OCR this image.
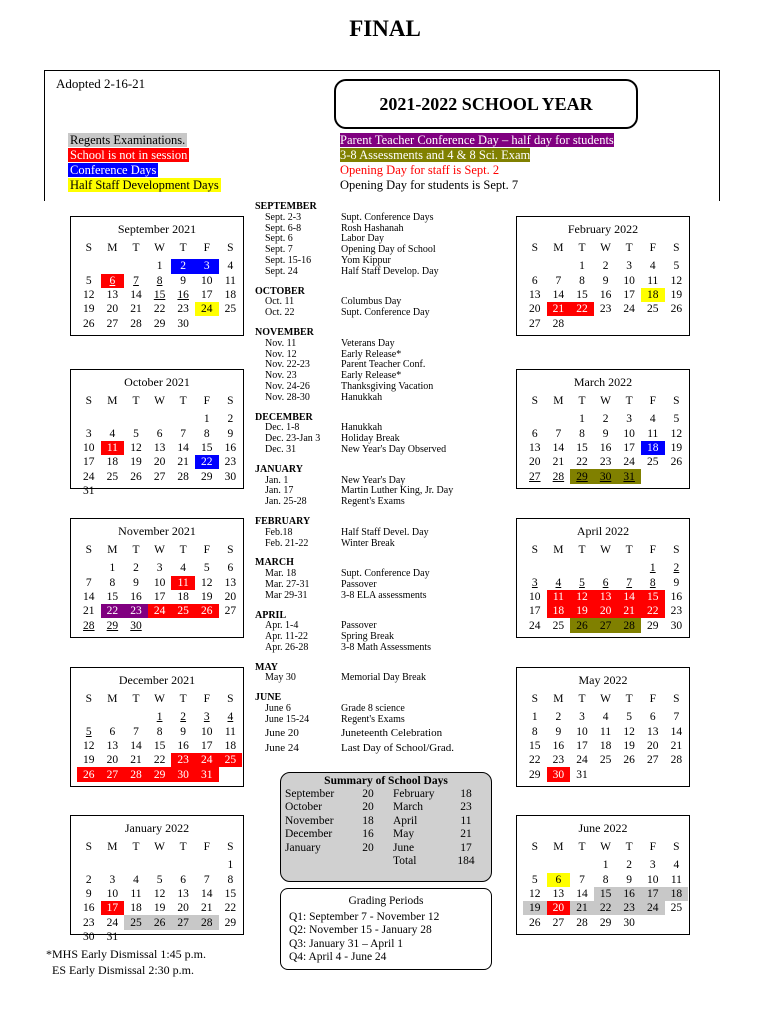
FINAL
Adopted 2-16-21
2021-2022 SCHOOL YEAR
Regents Examinations.
School is not in session
Conference Days
Half Staff Development Days
Parent Teacher Conference Day – half day for students
3-8 Assessments and 4 & 8 Sci. Exam
Opening Day for staff is Sept. 2
Opening Day for students is Sept. 7
September 2021
S	M	T	W	T	F	S
			1	2	3	4
5	6	7	8	9	10	11
12	13	14	15	16	17	18
19	20	21	22	23	24	25
26	27	28	29	30		
October 2021
S	M	T	W	T	F	S
					1	2
3	4	5	6	7	8	9
10	11	12	13	14	15	16
17	18	19	20	21	22	23
24	25	26	27	28	29	30
31						
November 2021
S	M	T	W	T	F	S
	1	2	3	4	5	6
7	8	9	10	11	12	13
14	15	16	17	18	19	20
21	22	23	24	25	26	27
28	29	30				
December 2021
S	M	T	W	T	F	S
			1	2	3	4
5	6	7	8	9	10	11
12	13	14	15	16	17	18
19	20	21	22	23	24	25
26	27	28	29	30	31	
January 2022
S	M	T	W	T	F	S
						1
2	3	4	5	6	7	8
9	10	11	12	13	14	15
16	17	18	19	20	21	22
23	24	25	26	27	28	29
30	31					
February 2022
S	M	T	W	T	F	S
		1	2	3	4	5
6	7	8	9	10	11	12
13	14	15	16	17	18	19
20	21	22	23	24	25	26
27	28					
March 2022
S	M	T	W	T	F	S
		1	2	3	4	5
6	7	8	9	10	11	12
13	14	15	16	17	18	19
20	21	22	23	24	25	26
27	28	29	30	31		
April 2022
S	M	T	W	T	F	S
					1	2
3	4	5	6	7	8	9
10	11	12	13	14	15	16
17	18	19	20	21	22	23
24	25	26	27	28	29	30
May 2022
S	M	T	W	T	F	S
1	2	3	4	5	6	7
8	9	10	11	12	13	14
15	16	17	18	19	20	21
22	23	24	25	26	27	28
29	30	31				
June 2022
S	M	T	W	T	F	S
			1	2	3	4
5	6	7	8	9	10	11
12	13	14	15	16	17	18
19	20	21	22	23	24	25
26	27	28	29	30		
SEPTEMBER
Sept. 2-3	Supt. Conference Days
Sept. 6-8	Rosh Hashanah
Sept. 6	Labor Day
Sept. 7	Opening Day of School
Sept. 15-16	Yom Kippur
Sept. 24	Half Staff Develop. Day
OCTOBER
Oct. 11	Columbus Day
Oct. 22	Supt. Conference Day
NOVEMBER
Nov. 11	Veterans Day
Nov. 12	Early Release*
Nov. 22-23	Parent Teacher Conf.
Nov. 23	Early Release*
Nov. 24-26	Thanksgiving Vacation
Nov. 28-30	Hanukkah
DECEMBER
Dec. 1-8	Hanukkah
Dec. 23-Jan 3	Holiday Break
Dec. 31	New Year's Day Observed
JANUARY
Jan. 1	New Year's Day
Jan. 17	Martin Luther King, Jr. Day
Jan. 25-28	Regent's Exams
FEBRUARY
Feb.18	Half Staff Devel. Day
Feb. 21-22	Winter Break
MARCH
Mar. 18	Supt. Conference Day
Mar. 27-31	Passover
Mar 29-31	3-8 ELA assessments
APRIL
Apr. 1-4	Passover
Apr. 11-22	Spring Break
Apr. 26-28	3-8 Math Assessments
MAY
May 30	Memorial Day Break
JUNE
June 6	Grade 8 science
June 15-24	Regent's Exams
June 20	Juneteenth Celebration
June 24	Last Day of School/Grad.
Summary of School Days
September	20	February	18
October	20	March	23
November	18	April	11
December	16	May	21
January	20	June	17
		Total	184
Grading Periods
Q1: September 7 - November 12
Q2: November 15 - January 28
Q3: January 31 – April 1
Q4: April 4 - June 24
*MHS Early Dismissal 1:45 p.m.
ES Early Dismissal 2:30 p.m.
